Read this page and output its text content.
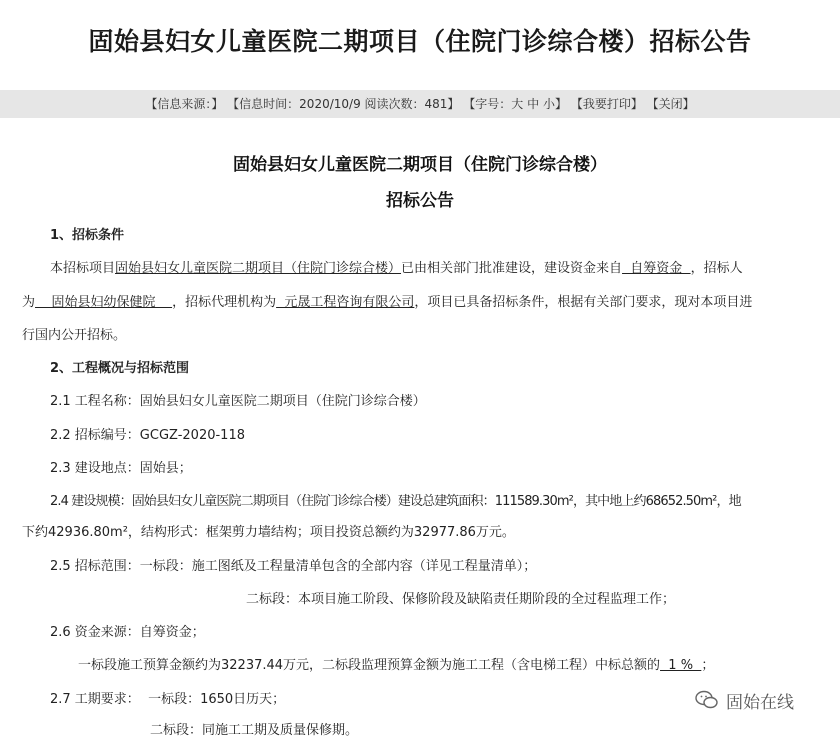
固始县妇女儿童医院二期项目（住院门诊综合楼）招标公告
【信息来源：】 【信息时间：2020/10/9 阅读次数：481】 【字号：大 中 小】 【我要打印】 【关闭】
固始县妇女儿童医院二期项目（住院门诊综合楼）
招标公告
1、招标条件
本招标项目固始县妇女儿童医院二期项目（住院门诊综合楼）已由相关部门批准建设，建设资金来自  自筹资金  ，招标人
为    固始县妇幼保健院    ，招标代理机构为  元晟工程咨询有限公司，项目已具备招标条件，根据有关部门要求，现对本项目进
行国内公开招标。
2、工程概况与招标范围
2.1 工程名称：固始县妇女儿童医院二期项目（住院门诊综合楼）
2.2 招标编号：GCGZ-2020-118
2.3 建设地点：固始县；
2.4 建设规模：固始县妇女儿童医院二期项目（住院门诊综合楼）建设总建筑面积：111589.30m²，其中地上约68652.50m²，地
下约42936.80m²，结构形式：框架剪力墙结构；项目投资总额约为32977.86万元。
2.5 招标范围：一标段：施工图纸及工程量清单包含的全部内容（详见工程量清单）；
二标段：本项目施工阶段、保修阶段及缺陷责任期阶段的全过程监理工作；
2.6 资金来源：自筹资金；
一标段施工预算金额约为32237.44万元，二标段监理预算金额为施工工程（含电梯工程）中标总额的  1 %  ；
2.7 工期要求：  一标段：1650日历天；
二标段：同施工工期及质量保修期。
固始在线
